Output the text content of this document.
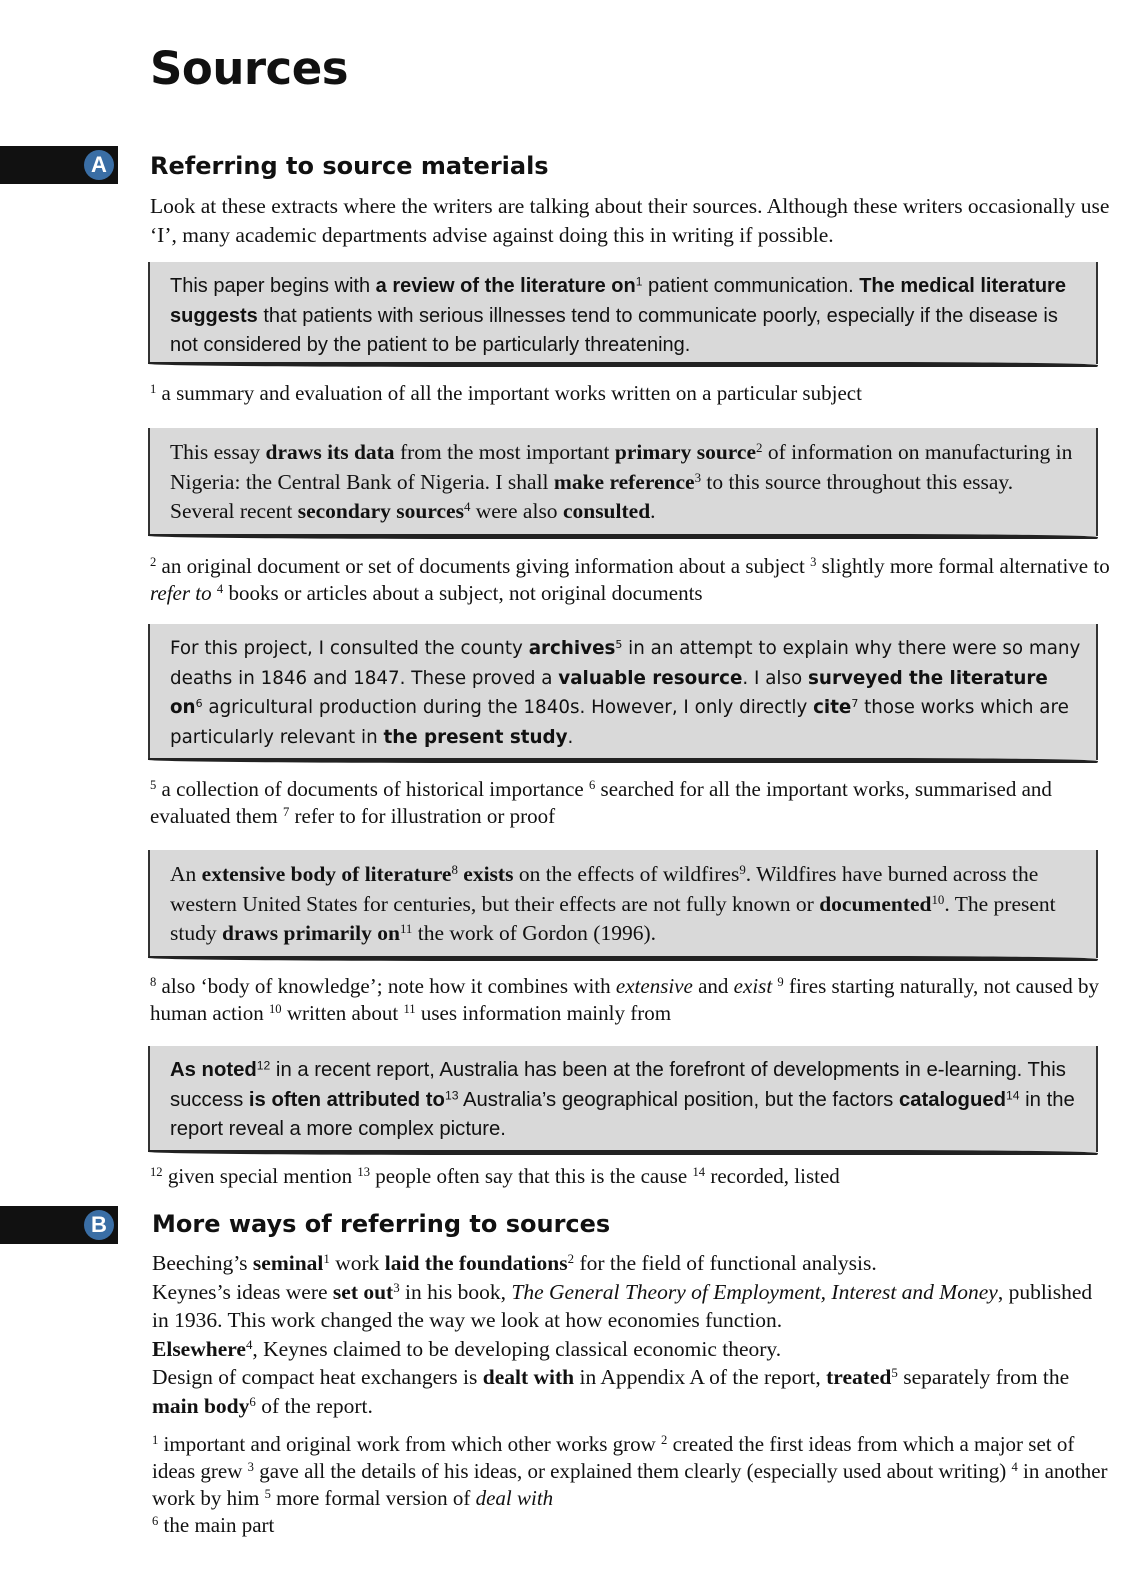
Sources
A Referring to source materials
Look at these extracts where the writers are talking about their sources. Although these writers occasionally use ‘I’, many academic departments advise against doing this in writing if possible.

This paper begins with a review of the literature $on^1$ patient communication. The medical literature suggests that patients with serious illnesses tend to communicate poorly, especially if the disease is not considered by the patient to be particularly threatening.

$^1$ a summary and evaluation of all the important works written on a particular subject

This essay draws its data from the most important primary source$^2$ of information on manufacturing in Nigeria: the Central Bank of Nigeria. I shall make reference$^3$ to this source throughout this essay. Several recent secondary sources$^4$ were also consulted.

$^2$ an original document or set of documents giving information about a subject $^3$ slightly more formal alternative to refer to $^4$ books or articles about a subject, not original documents

For this project, I consulted the county archives$^5$ in an attempt to explain why there were so many deaths in 1846 and 1847. These proved a valuable resource. I also surveyed the literature $on^6$ agricultural production during the 1840s. However, I only directly cite$^7$ those works which are particularly relevant in the present study.

$^5$ a collection of documents of historical importance $^6$ searched for all the important works, summarised and evaluated them $^7$ refer to for illustration or proof

An extensive body of literature$^8$ exists on the effects of wildfires$^9$. Wildfires have burned across the western United States for centuries, but their effects are not fully known or documented$^{10}$. The present study draws primarily $on^{11}$ the work of Gordon (1996).

$^8$ also ‘body of knowledge’; note how it combines with extensive and exist $^9$ fires starting naturally, not caused by human action $^{10}$ written about $^{11}$ uses information mainly from

As noted$^{12}$ in a recent report, Australia has been at the forefront of developments in e-learning. This success is often attributed $to^{13}$ Australia’s geographical position, but the factors catalogued$^{14}$ in the report reveal a more complex picture.

$^{12}$ given special mention $^{13}$ people often say that this is the cause $^{14}$ recorded, listed

B More ways of referring to sources

Beeching’s seminal$^1$ work laid the foundations$^2$ for the field of functional analysis.

Keynes’s ideas were set out$^3$ in his book, The General Theory of Employment, Interest and Money, published in 1936. This work changed the way we look at how economies function.

Elsewhere$^4$, Keynes claimed to be developing classical economic theory.

Design of compact heat exchangers is dealt with in Appendix A of the report, treated$^5$ separately from the main body$^6$ of the report.

$^1$ important and original work from which other works grow $^2$ created the first ideas from which a major set of ideas grew $^3$ gave all the details of his ideas, or explained them clearly (especially used about writing) $^4$ in another work by him $^5$ more formal version of deal with
$^6$ the main part
